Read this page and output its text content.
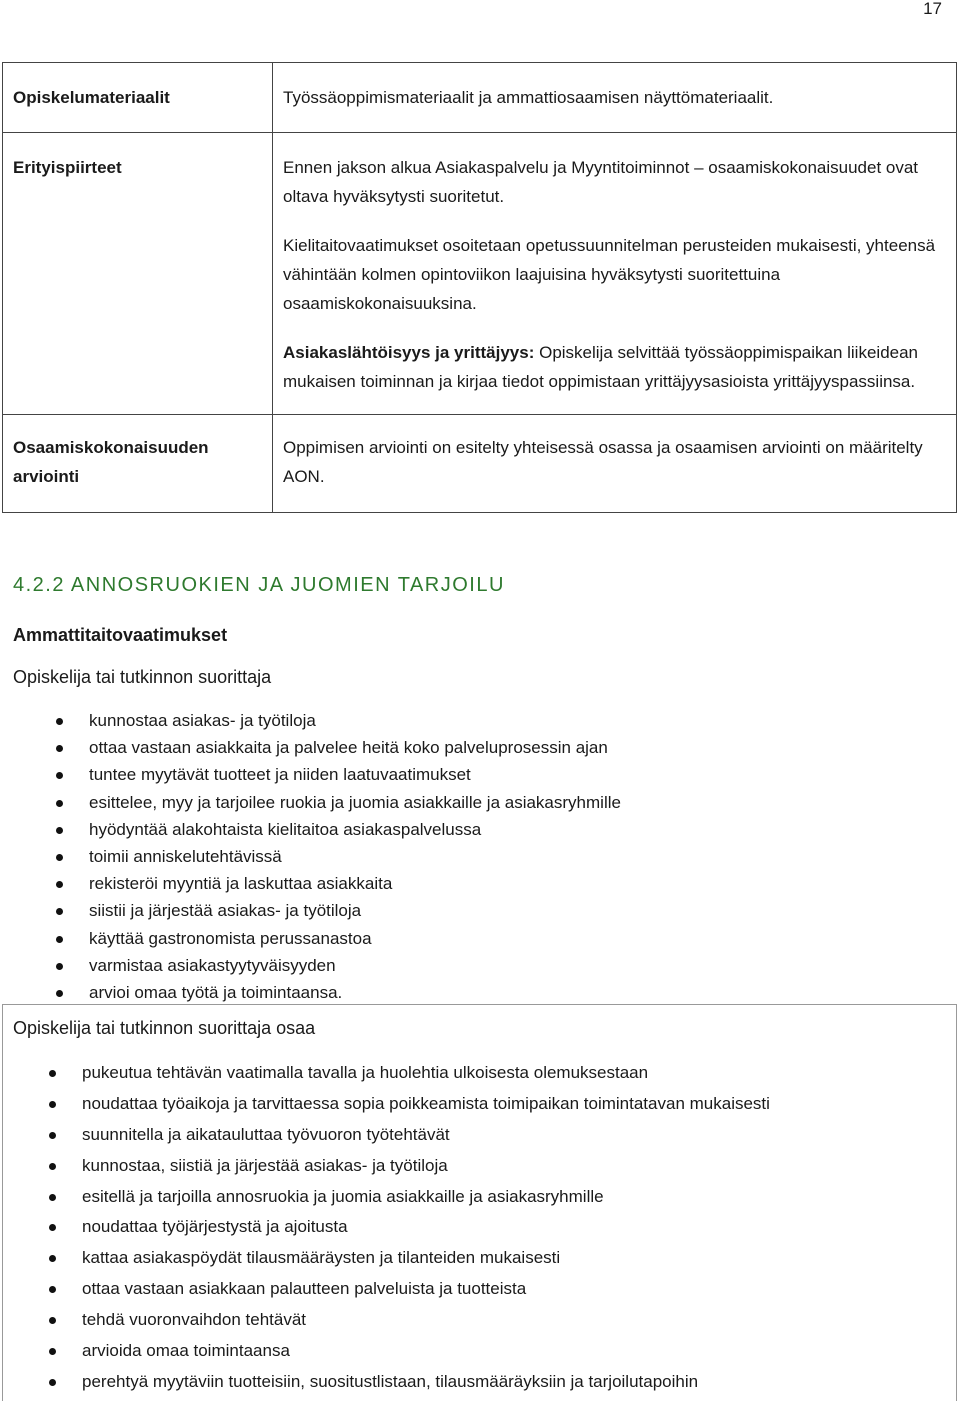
17
Opiskelumateriaalit	Työssäoppimismateriaalit ja ammattiosaamisen näyttömateriaalit.

Erityispiirteet	Ennen jakson alkua Asiakaspalvelu ja Myyntitoiminnot – osaamiskokonaisuudet ovat oltava hyväksytysti suoritetut.

Kielitaitovaatimukset osoitetaan opetussuunnitelman perusteiden mukaisesti, yhteensä vähintään kolmen opintoviikon laajuisina hyväksytysti suoritettuina osaamiskokonaisuuksina.

Asiakaslähtöisyys ja yrittäjyys: Opiskelija selvittää työssäoppimispaikan liikeidean mukaisen toiminnan ja kirjaa tiedot oppimistaan yrittäjyysasioista yrittäjyyspassiinsa.

Osaamiskokonaisuuden arviointi	Oppimisen arviointi on esitelty yhteisessä osassa ja osaamisen arviointi on määritelty AON.

4.2.2 ANNOSRUOKIEN JA JUOMIEN TARJOILU
Ammattitaitovaatimukset

Opiskelija tai tutkinnon suorittaja

kunnostaa asiakas- ja työtiloja
ottaa vastaan asiakkaita ja palvelee heitä koko palveluprosessin ajan
tuntee myytävät tuotteet ja niiden laatuvaatimukset
esittelee, myy ja tarjoilee ruokia ja juomia asiakkaille ja asiakasryhmille
hyödyntää alakohtaista kielitaitoa asiakaspalvelussa
toimii anniskelutehtävissä
rekisteröi myyntiä ja laskuttaa asiakkaita
siistii ja järjestää asiakas- ja työtiloja
käyttää gastronomista perussanastoa
varmistaa asiakastyytyväisyyden
arvioi omaa työtä ja toimintaansa.

Opiskelija tai tutkinnon suorittaja osaa

pukeutua tehtävän vaatimalla tavalla ja huolehtia ulkoisesta olemuksestaan
noudattaa työaikoja ja tarvittaessa sopia poikkeamista toimipaikan toimintatavan mukaisesti
suunnitella ja aikatauluttaa työvuoron työtehtävät
kunnostaa, siistiä ja järjestää asiakas- ja työtiloja
esitellä ja tarjoilla annosruokia ja juomia asiakkaille ja asiakasryhmille
noudattaa työjärjestystä ja ajoitusta
kattaa asiakaspöydät tilausmääräysten ja tilanteiden mukaisesti
ottaa vastaan asiakkaan palautteen palveluista ja tuotteista
tehdä vuoronvaihdon tehtävät
arvioida omaa toimintaansa
perehtyä myytäviin tuotteisiin, suositustlistaan, tilausmääräyksiin ja tarjoilutapoihin
